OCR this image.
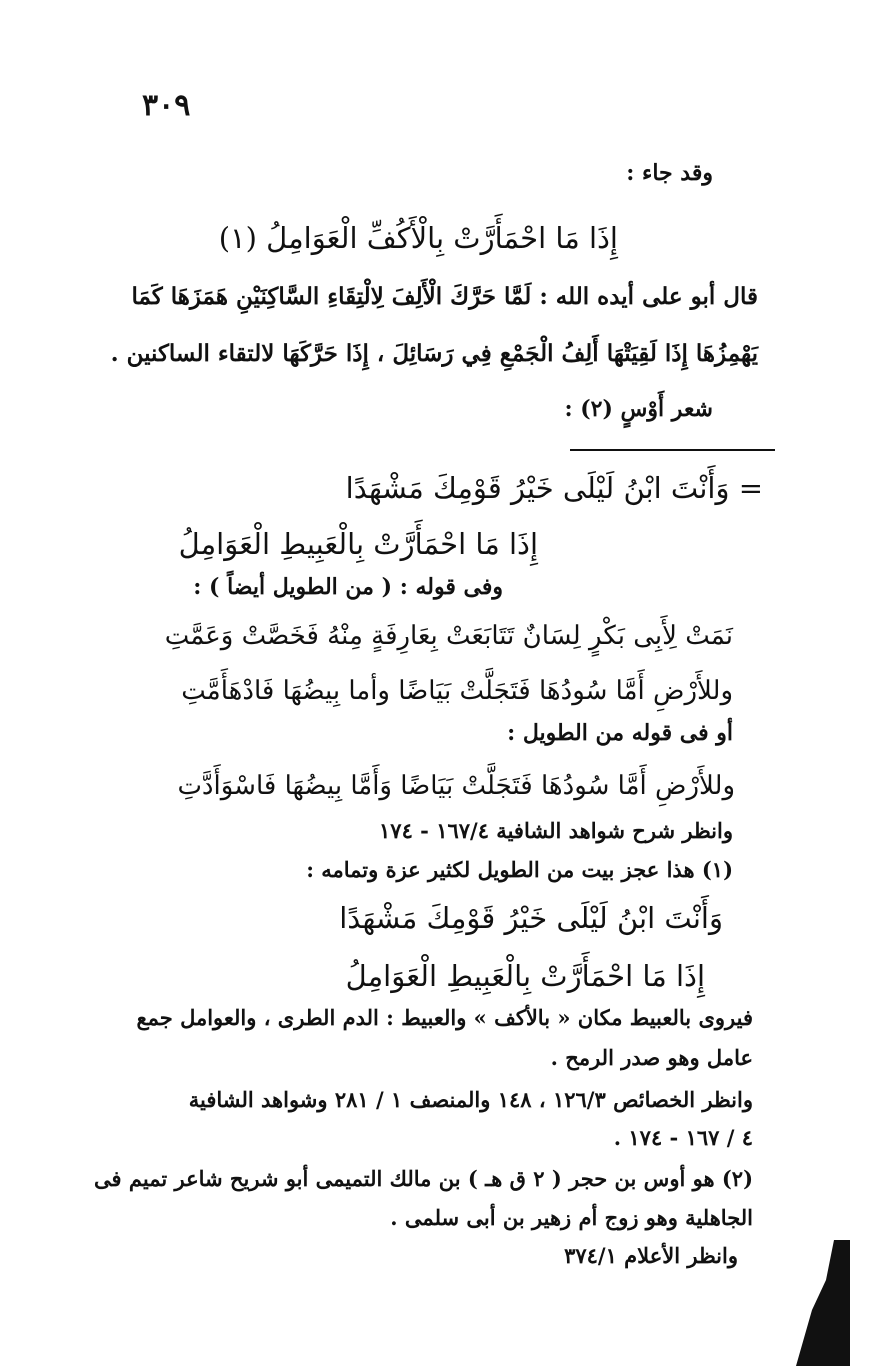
٣٠٩
وقد جاء :
إِذَا مَا احْمَأَرَّتْ بِالْأَكُفِّ الْعَوَامِلُ (١)
قال أبو على أيده الله : لَمَّا حَرَّكَ الْأَلِفَ لِالْتِقَاءِ السَّاكِنَيْنِ هَمَزَهَا كَمَا
يَهْمِزُهَا إِذَا لَقِيَتْهَا أَلِفُ الْجَمْعِ فِي رَسَائِلَ ، إِذَا حَرَّكَهَا لالتقاء الساكنين .
شعر أَوْسٍ (٢) :
= وَأَنْتَ ابْنُ لَيْلَى خَيْرُ قَوْمِكَ مَشْهَدًا
إِذَا مَا احْمَأَرَّتْ بِالْعَبِيطِ الْعَوَامِلُ
وفى قوله : ( من الطويل أيضاً ) :
نَمَتْ لِأَبِى بَكْرٍ لِسَانٌ تَتَابَعَتْ بِعَارِفَةٍ مِنْهُ فَخَصَّتْ وَعَمَّتِ
وللأَرْضِ أَمَّا سُودُهَا فَتَجَلَّتْ بَيَاضًا وأما بِيضُهَا فَادْهَأَمَّتِ
أو فى قوله من الطويل :
وللأَرْضِ أَمَّا سُودُهَا فَتَجَلَّتْ بَيَاضًا وَأَمَّا بِيضُهَا فَاسْوَأَدَّتِ
وانظر شرح شواهد الشافية ١٦٧/٤ - ١٧٤
(١) هذا عجز بيت من الطويل لكثير عزة وتمامه :
وَأَنْتَ ابْنُ لَيْلَى خَيْرُ قَوْمِكَ مَشْهَدًا
إِذَا مَا احْمَأَرَّتْ بِالْعَبِيطِ الْعَوَامِلُ
فيروى بالعبيط مكان « بالأكف » والعبيط : الدم الطرى ، والعوامل جمع
عامل وهو صدر الرمح .
وانظر الخصائص ١٢٦/٣ ، ١٤٨ والمنصف ١ / ٢٨١ وشواهد الشافية
٤ / ١٦٧ - ١٧٤ .
(٢) هو أوس بن حجر ( ٢ ق هـ ) بن مالك التميمى أبو شريح شاعر تميم فى
الجاهلية وهو زوج أم زهير بن أبى سلمى .
وانظر الأعلام ٣٧٤/١
